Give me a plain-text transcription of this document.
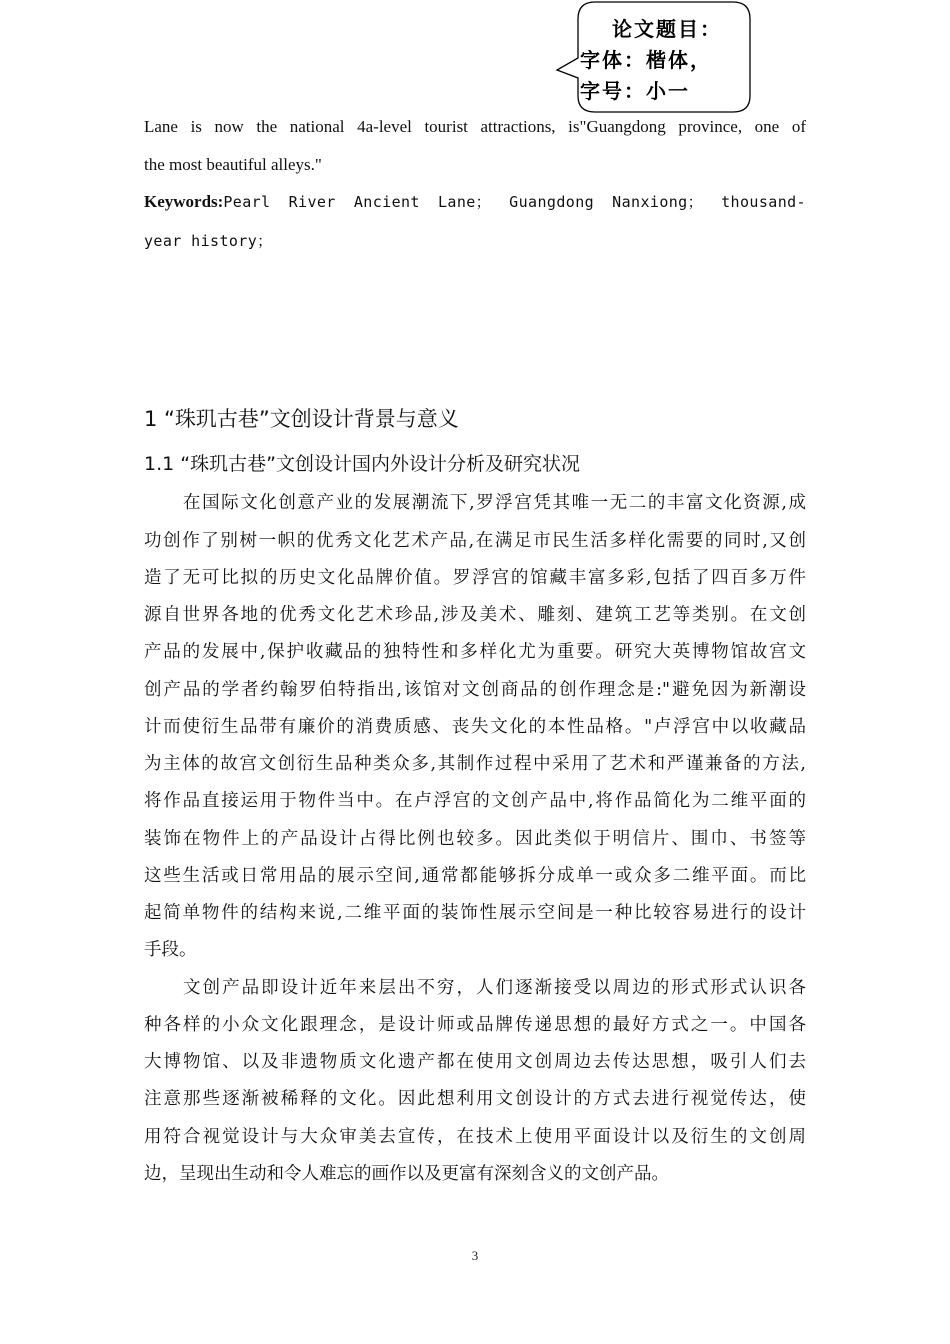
论文题目：
字体：楷体，
字号：小一
Lane is now the national 4a-level tourist attractions, is"Guangdong province, one of
the most beautiful alleys."
Keywords:Pearl River Ancient Lane； Guangdong Nanxiong； thousand-
year history；
1 “珠玑古巷”文创设计背景与意义
1.1 “珠玑古巷”文创设计国内外设计分析及研究状况
在国际文化创意产业的发展潮流下,罗浮宫凭其唯一无二的丰富文化资源,成
功创作了别树一帜的优秀文化艺术产品,在满足市民生活多样化需要的同时,又创
造了无可比拟的历史文化品牌价值。罗浮宫的馆藏丰富多彩,包括了四百多万件
源自世界各地的优秀文化艺术珍品,涉及美术、雕刻、建筑工艺等类别。在文创
产品的发展中,保护收藏品的独特性和多样化尤为重要。研究大英博物馆故宫文
创产品的学者约翰罗伯特指出,该馆对文创商品的创作理念是:"避免因为新潮设
计而使衍生品带有廉价的消费质感、丧失文化的本性品格。"卢浮宫中以收藏品
为主体的故宫文创衍生品种类众多,其制作过程中采用了艺术和严谨兼备的方法,
将作品直接运用于物件当中。在卢浮宫的文创产品中,将作品简化为二维平面的
装饰在物件上的产品设计占得比例也较多。因此类似于明信片、围巾、书签等
这些生活或日常用品的展示空间,通常都能够拆分成单一或众多二维平面。而比
起简单物件的结构来说,二维平面的装饰性展示空间是一种比较容易进行的设计
手段。
文创产品即设计近年来层出不穷，人们逐渐接受以周边的形式形式认识各
种各样的小众文化跟理念，是设计师或品牌传递思想的最好方式之一。中国各
大博物馆、以及非遗物质文化遗产都在使用文创周边去传达思想，吸引人们去
注意那些逐渐被稀释的文化。因此想利用文创设计的方式去进行视觉传达，使
用符合视觉设计与大众审美去宣传，在技术上使用平面设计以及衍生的文创周
边，呈现出生动和令人难忘的画作以及更富有深刻含义的文创产品。
3
